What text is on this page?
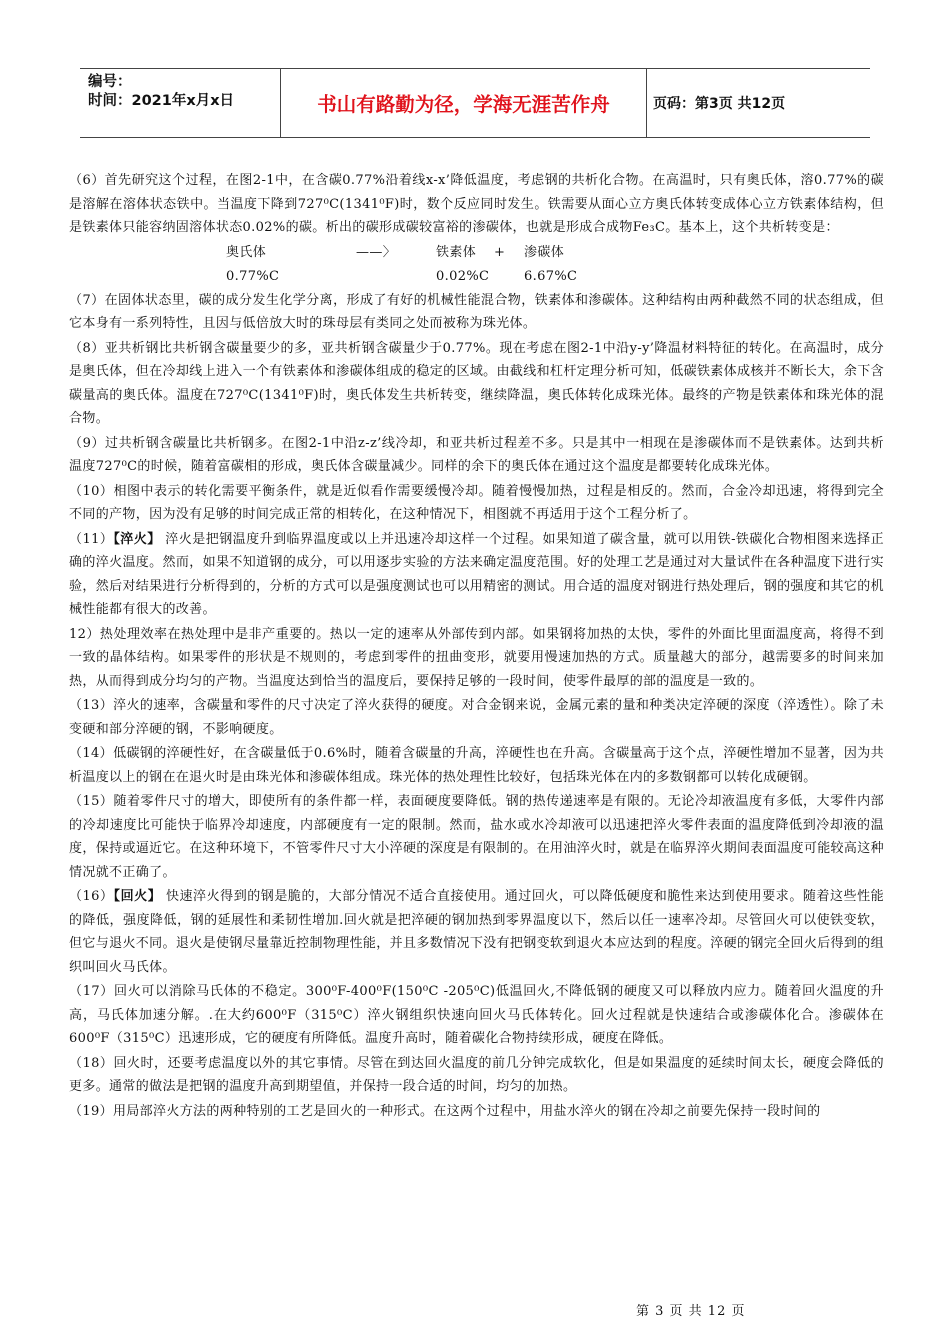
编号：
时间：2021年x月x日	书山有路勤为径，学海无涯苦作舟	页码：第3页 共12页

（6）首先研究这个过程，在图2-1中，在含碳0.77%沿着线x-x’降低温度，考虑钢的共析化合物。在高温时，只有奥氏体，溶0.77%的碳是溶解在溶体状态铁中。当温度下降到727⁰C(1341⁰F)时，数个反应同时发生。铁需要从面心立方奥氏体转变成体心立方铁素体结构，但是铁素体只能容纳固溶体状态0.02%的碳。析出的碳形成碳较富裕的渗碳体，也就是形成合成物Fe₃C。基本上，这个共析转变是：

奥氏体	——〉	铁素体	+	渗碳体
0.77%C	0.02%C	6.67%C

（7）在固体状态里，碳的成分发生化学分离，形成了有好的机械性能混合物，铁素体和渗碳体。这种结构由两种截然不同的状态组成，但它本身有一系列特性，且因与低倍放大时的珠母层有类同之处而被称为珠光体。

（8）亚共析钢比共析钢含碳量要少的多，亚共析钢含碳量少于0.77%。现在考虑在图2-1中沿y-y’降温材料特征的转化。在高温时，成分是奥氏体，但在冷却线上进入一个有铁素体和渗碳体组成的稳定的区域。由截线和杠杆定理分析可知，低碳铁素体成核并不断长大，余下含碳量高的奥氏体。温度在727⁰C(1341⁰F)时，奥氏体发生共析转变，继续降温，奥氏体转化成珠光体。最终的产物是铁素体和珠光体的混合物。

（9）过共析钢含碳量比共析钢多。在图2-1中沿z-z’线冷却，和亚共析过程差不多。只是其中一相现在是渗碳体而不是铁素体。达到共析温度727⁰C的时候，随着富碳相的形成，奥氏体含碳量减少。同样的余下的奥氏体在通过这个温度是都要转化成珠光体。

（10）相图中表示的转化需要平衡条件，就是近似看作需要缓慢冷却。随着慢慢加热，过程是相反的。然而，合金冷却迅速，将得到完全不同的产物，因为没有足够的时间完成正常的相转化，在这种情况下，相图就不再适用于这个工程分析了。

（11）【淬火】 淬火是把钢温度升到临界温度或以上并迅速冷却这样一个过程。如果知道了碳含量，就可以用铁-铁碳化合物相图来选择正确的淬火温度。然而，如果不知道钢的成分，可以用逐步实验的方法来确定温度范围。好的处理工艺是通过对大量试件在各种温度下进行实验，然后对结果进行分析得到的，分析的方式可以是强度测试也可以用精密的测试。用合适的温度对钢进行热处理后，钢的强度和其它的机械性能都有很大的改善。

12）热处理效率在热处理中是非产重要的。热以一定的速率从外部传到内部。如果钢将加热的太快，零件的外面比里面温度高，将得不到一致的晶体结构。如果零件的形状是不规则的，考虑到零件的扭曲变形，就要用慢速加热的方式。质量越大的部分，越需要多的时间来加热，从而得到成分均匀的产物。当温度达到恰当的温度后，要保持足够的一段时间，使零件最厚的部的温度是一致的。

（13）淬火的速率，含碳量和零件的尺寸决定了淬火获得的硬度。对合金钢来说，金属元素的量和种类决定淬硬的深度（淬透性）。除了未变硬和部分淬硬的钢，不影响硬度。

（14）低碳钢的淬硬性好，在含碳量低于0.6%时，随着含碳量的升高，淬硬性也在升高。含碳量高于这个点，淬硬性增加不显著，因为共析温度以上的钢在在退火时是由珠光体和渗碳体组成。珠光体的热处理性比较好，包括珠光体在内的多数钢都可以转化成硬钢。

（15）随着零件尺寸的增大，即使所有的条件都一样，表面硬度要降低。钢的热传递速率是有限的。无论冷却液温度有多低，大零件内部的冷却速度比可能快于临界冷却速度，内部硬度有一定的限制。然而，盐水或水冷却液可以迅速把淬火零件表面的温度降低到冷却液的温度，保持或逼近它。在这种环境下，不管零件尺寸大小淬硬的深度是有限制的。在用油淬火时，就是在临界淬火期间表面温度可能较高这种情况就不正确了。

（16）【回火】 快速淬火得到的钢是脆的，大部分情况不适合直接使用。通过回火，可以降低硬度和脆性来达到使用要求。随着这些性能的降低，强度降低，钢的延展性和柔韧性增加.回火就是把淬硬的钢加热到零界温度以下，然后以任一速率冷却。尽管回火可以使铁变软，但它与退火不同。退火是使钢尽量靠近控制物理性能，并且多数情况下没有把钢变软到退火本应达到的程度。淬硬的钢完全回火后得到的组织叫回火马氏体。

（17）回火可以消除马氏体的不稳定。300⁰F-400⁰F(150⁰C -205⁰C)低温回火,不降低钢的硬度又可以释放内应力。随着回火温度的升高，马氏体加速分解。.在大约600⁰F（315⁰C）淬火钢组织快速向回火马氏体转化。回火过程就是快速结合或渗碳体化合。渗碳体在600⁰F（315⁰C）迅速形成，它的硬度有所降低。温度升高时，随着碳化合物持续形成，硬度在降低。

（18）回火时，还要考虑温度以外的其它事情。尽管在到达回火温度的前几分钟完成软化，但是如果温度的延续时间太长，硬度会降低的更多。通常的做法是把钢的温度升高到期望值，并保持一段合适的时间，均匀的加热。

（19）用局部淬火方法的两种特别的工艺是回火的一种形式。在这两个过程中，用盐水淬火的钢在冷却之前要先保持一段时间的

第 3 页 共 12 页
